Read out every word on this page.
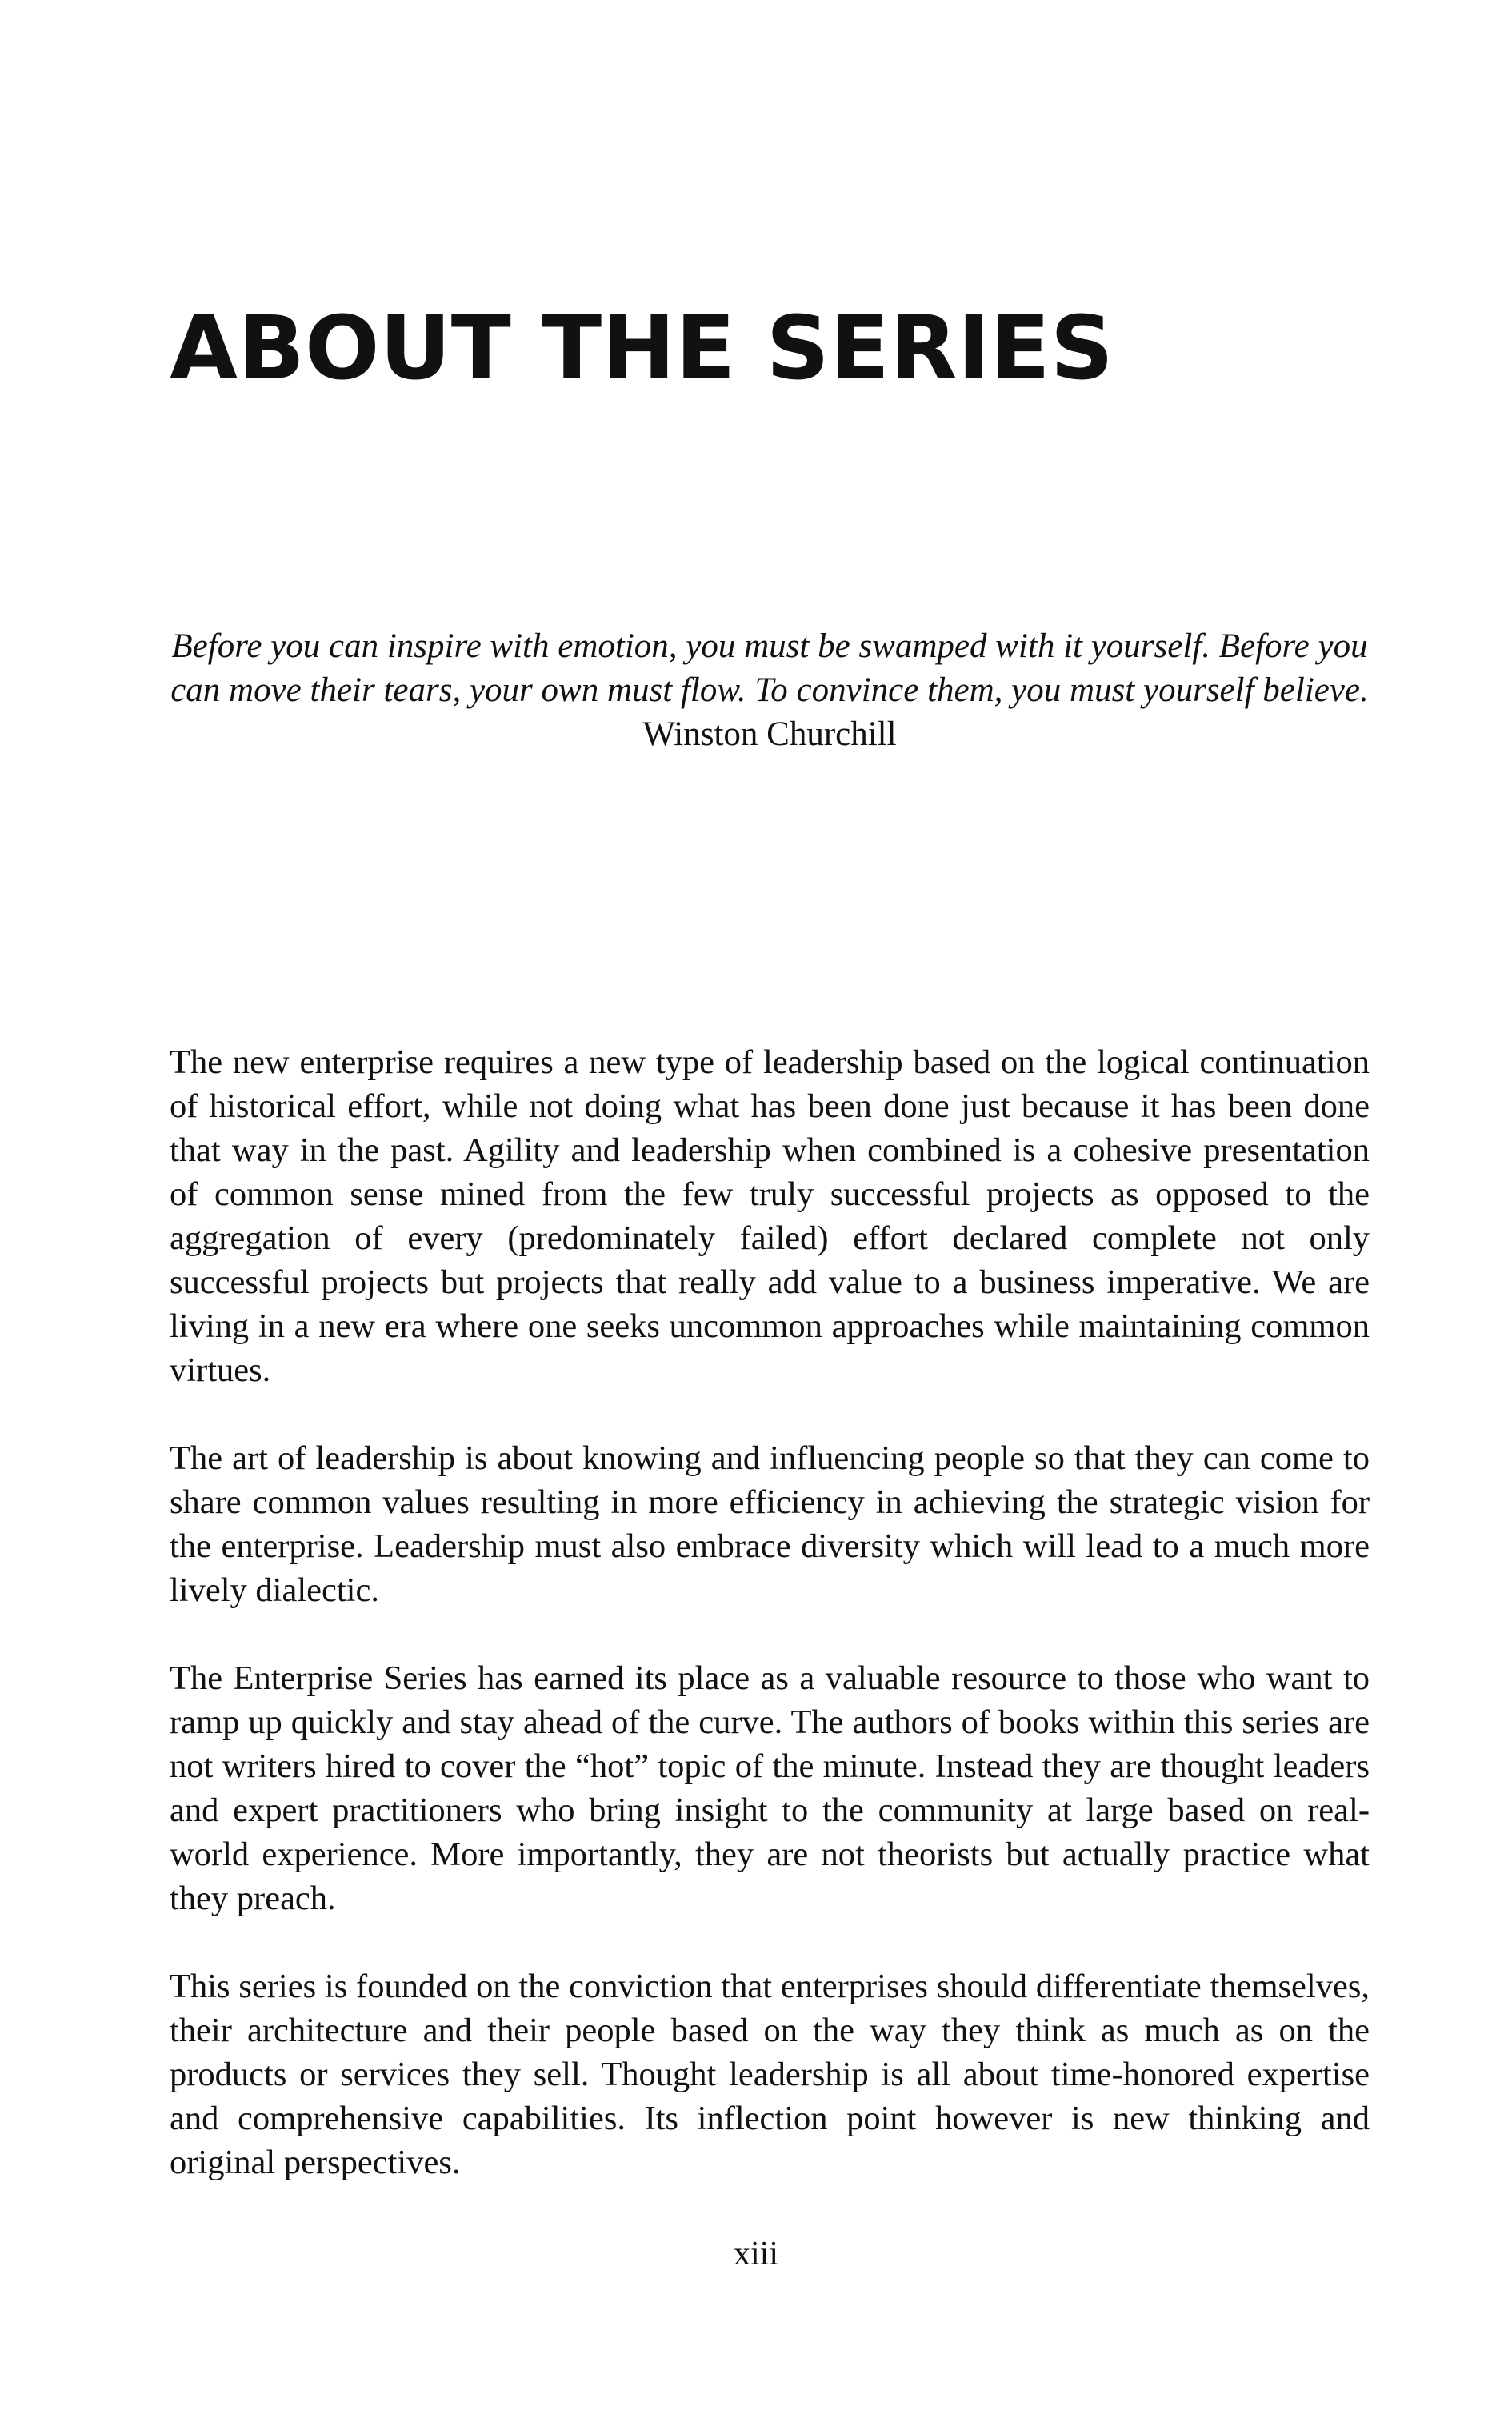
ABOUT THE SERIES
Before you can inspire with emotion, you must be swamped with it yourself. Before you can move their tears, your own must flow. To convince them, you must yourself believe.
Winston Churchill

The new enterprise requires a new type of leadership based on the logical continuation of historical effort, while not doing what has been done just because it has been done that way in the past. Agility and leadership when combined is a cohesive presentation of common sense mined from the few truly successful projects as opposed to the aggregation of every (predominately failed) effort declared complete not only successful projects but projects that really add value to a business imperative. We are living in a new era where one seeks uncommon approaches while maintaining common virtues.

The art of leadership is about knowing and influencing people so that they can come to share common values resulting in more efficiency in achieving the strategic vision for the enterprise. Leadership must also embrace diversity which will lead to a much more lively dialectic.

The Enterprise Series has earned its place as a valuable resource to those who want to ramp up quickly and stay ahead of the curve. The authors of books within this series are not writers hired to cover the “hot” topic of the minute. Instead they are thought leaders and expert practitioners who bring insight to the community at large based on real-world experience. More importantly, they are not theorists but actually practice what they preach.

This series is founded on the conviction that enterprises should differentiate themselves, their architecture and their people based on the way they think as much as on the products or services they sell. Thought leadership is all about time-honored expertise and comprehensive capabilities. Its inflection point however is new thinking and original perspectives.

xiii
